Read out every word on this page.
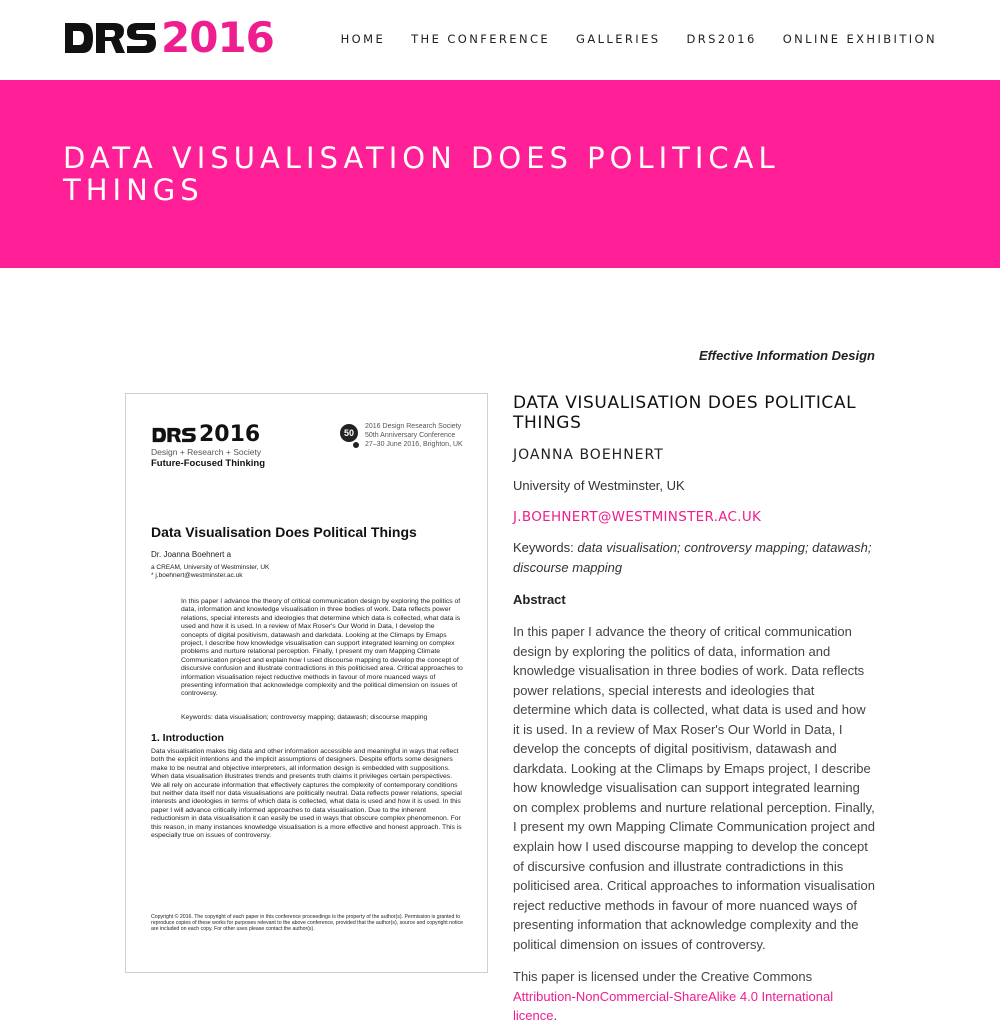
2016	HOME THE CONFERENCE GALLERIES DRS2016 ONLINE EXHIBITION
DATA VISUALISATION DOES POLITICAL THINGS
Effective Information Design
2016
Design + Research + Society
Future-Focused Thinking
50
2016 Design Research Society
50th Anniversary Conference
27–30 June 2016, Brighton, UK
Data Visualisation Does Political Things
Dr. Joanna Boehnert a
a CREAM, University of Westminster, UK
* j.boehnert@westminster.ac.uk
In this paper I advance the theory of critical communication design by exploring the politics of data, information and knowledge visualisation in three bodies of work. Data reflects power relations, special interests and ideologies that determine which data is collected, what data is used and how it is used. In a review of Max Roser's Our World in Data, I develop the concepts of digital positivism, datawash and darkdata. Looking at the Climaps by Emaps project, I describe how knowledge visualisation can support integrated learning on complex problems and nurture relational perception. Finally, I present my own Mapping Climate Communication project and explain how I used discourse mapping to develop the concept of discursive confusion and illustrate contradictions in this politicised area. Critical approaches to information visualisation reject reductive methods in favour of more nuanced ways of presenting information that acknowledge complexity and the political dimension on issues of controversy.
Keywords: data visualisation; controversy mapping; datawash; discourse mapping
1. Introduction
Data visualisation makes big data and other information accessible and meaningful in ways that reflect both the explicit intentions and the implicit assumptions of designers. Despite efforts some designers make to be neutral and objective interpreters, all information design is embedded with suppositions. When data visualisation illustrates trends and presents truth claims it privileges certain perspectives. We all rely on accurate information that effectively captures the complexity of contemporary conditions but neither data itself nor data visualisations are politically neutral. Data reflects power relations, special interests and ideologies in terms of which data is collected, what data is used and how it is used. In this paper I will advance critically informed approaches to data visualisation. Due to the inherent reductionism in data visualisation it can easily be used in ways that obscure complex phenomenon. For this reason, in many instances knowledge visualisation is a more effective and honest approach. This is especially true on issues of controversy.
Copyright © 2016. The copyright of each paper in this conference proceedings is the property of the author(s). Permission is granted to reproduce copies of these works for purposes relevant to the above conference, provided that the author(s), source and copyright notice are included on each copy. For other uses please contact the author(s).
DATA VISUALISATION DOES POLITICAL THINGS
JOANNA BOEHNERT
University of Westminster, UK
J.BOEHNERT@WESTMINSTER.AC.UK
Keywords: data visualisation; controversy mapping; datawash; discourse mapping
Abstract

In this paper I advance the theory of critical communication design by exploring the politics of data, information and knowledge visualisation in three bodies of work. Data reflects power relations, special interests and ideologies that determine which data is collected, what data is used and how it is used. In a review of Max Roser's Our World in Data, I develop the concepts of digital positivism, datawash and darkdata. Looking at the Climaps by Emaps project, I describe how knowledge visualisation can support integrated learning on complex problems and nurture relational perception. Finally, I present my own Mapping Climate Communication project and explain how I used discourse mapping to develop the concept of discursive confusion and illustrate contradictions in this politicised area. Critical approaches to information visualisation reject reductive methods in favour of more nuanced ways of presenting information that acknowledge complexity and the political dimension on issues of controversy.

This paper is licensed under the Creative Commons Attribution-NonCommercial-ShareAlike 4.0 International licence.
